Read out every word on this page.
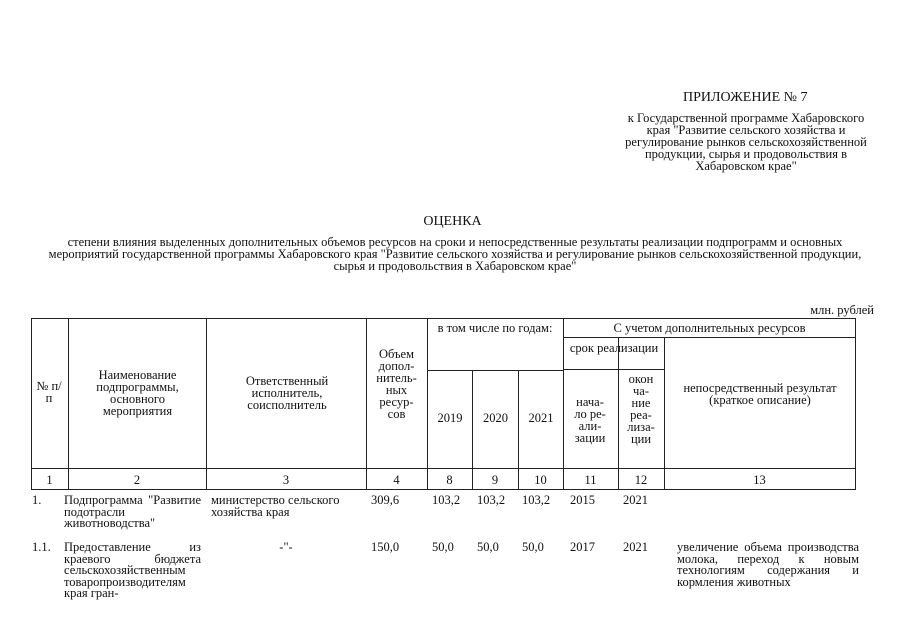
ПРИЛОЖЕНИЕ № 7
к Государственной программе Хабаровского края "Развитие сельского хозяйства и регулирование рынков сельскохозяйственной продукции, сырья и продовольствия в Хабаровском крае"
ОЦЕНКА
степени влияния выделенных дополнительных объемов ресурсов на сроки и непосредственные результаты реализации подпрограмм и основных мероприятий государственной программы Хабаровского края "Развитие сельского хозяйства и регулирование рынков сельскохозяйственной продукции, сырья и продовольствия в Хабаровском крае"
млн. рублей
№ п/п
Наименование подпрограммы, основного мероприятия
Ответственный исполнитель, соисполнитель
Объем допол-
нитель-
ных
ресур-
сов
в том числе по годам:	С учетом дополнительных ресурсов
срок реализации
2019	2020	2021
нача-
ло ре-
али-
зации
окон
ча-
ние
реа-
лиза-
ции
непосредственный результат (краткое описание)
1	2	3	4	8	9	10	11	12	13
1. Подпрограмма "Развитие подотрасли животноводства"
министерство сельского хозяйства края
309,6	103,2 103,2 103,2 2015 2021
1.1.	Предоставление из краевого бюджета сельскохозяйственным товаропроизводителям края гран-
-"-	150,0	50,0 50,0 50,0 2017 2021 увеличение объема производства молока, переход к новым технологиям содержания и кормления животных
